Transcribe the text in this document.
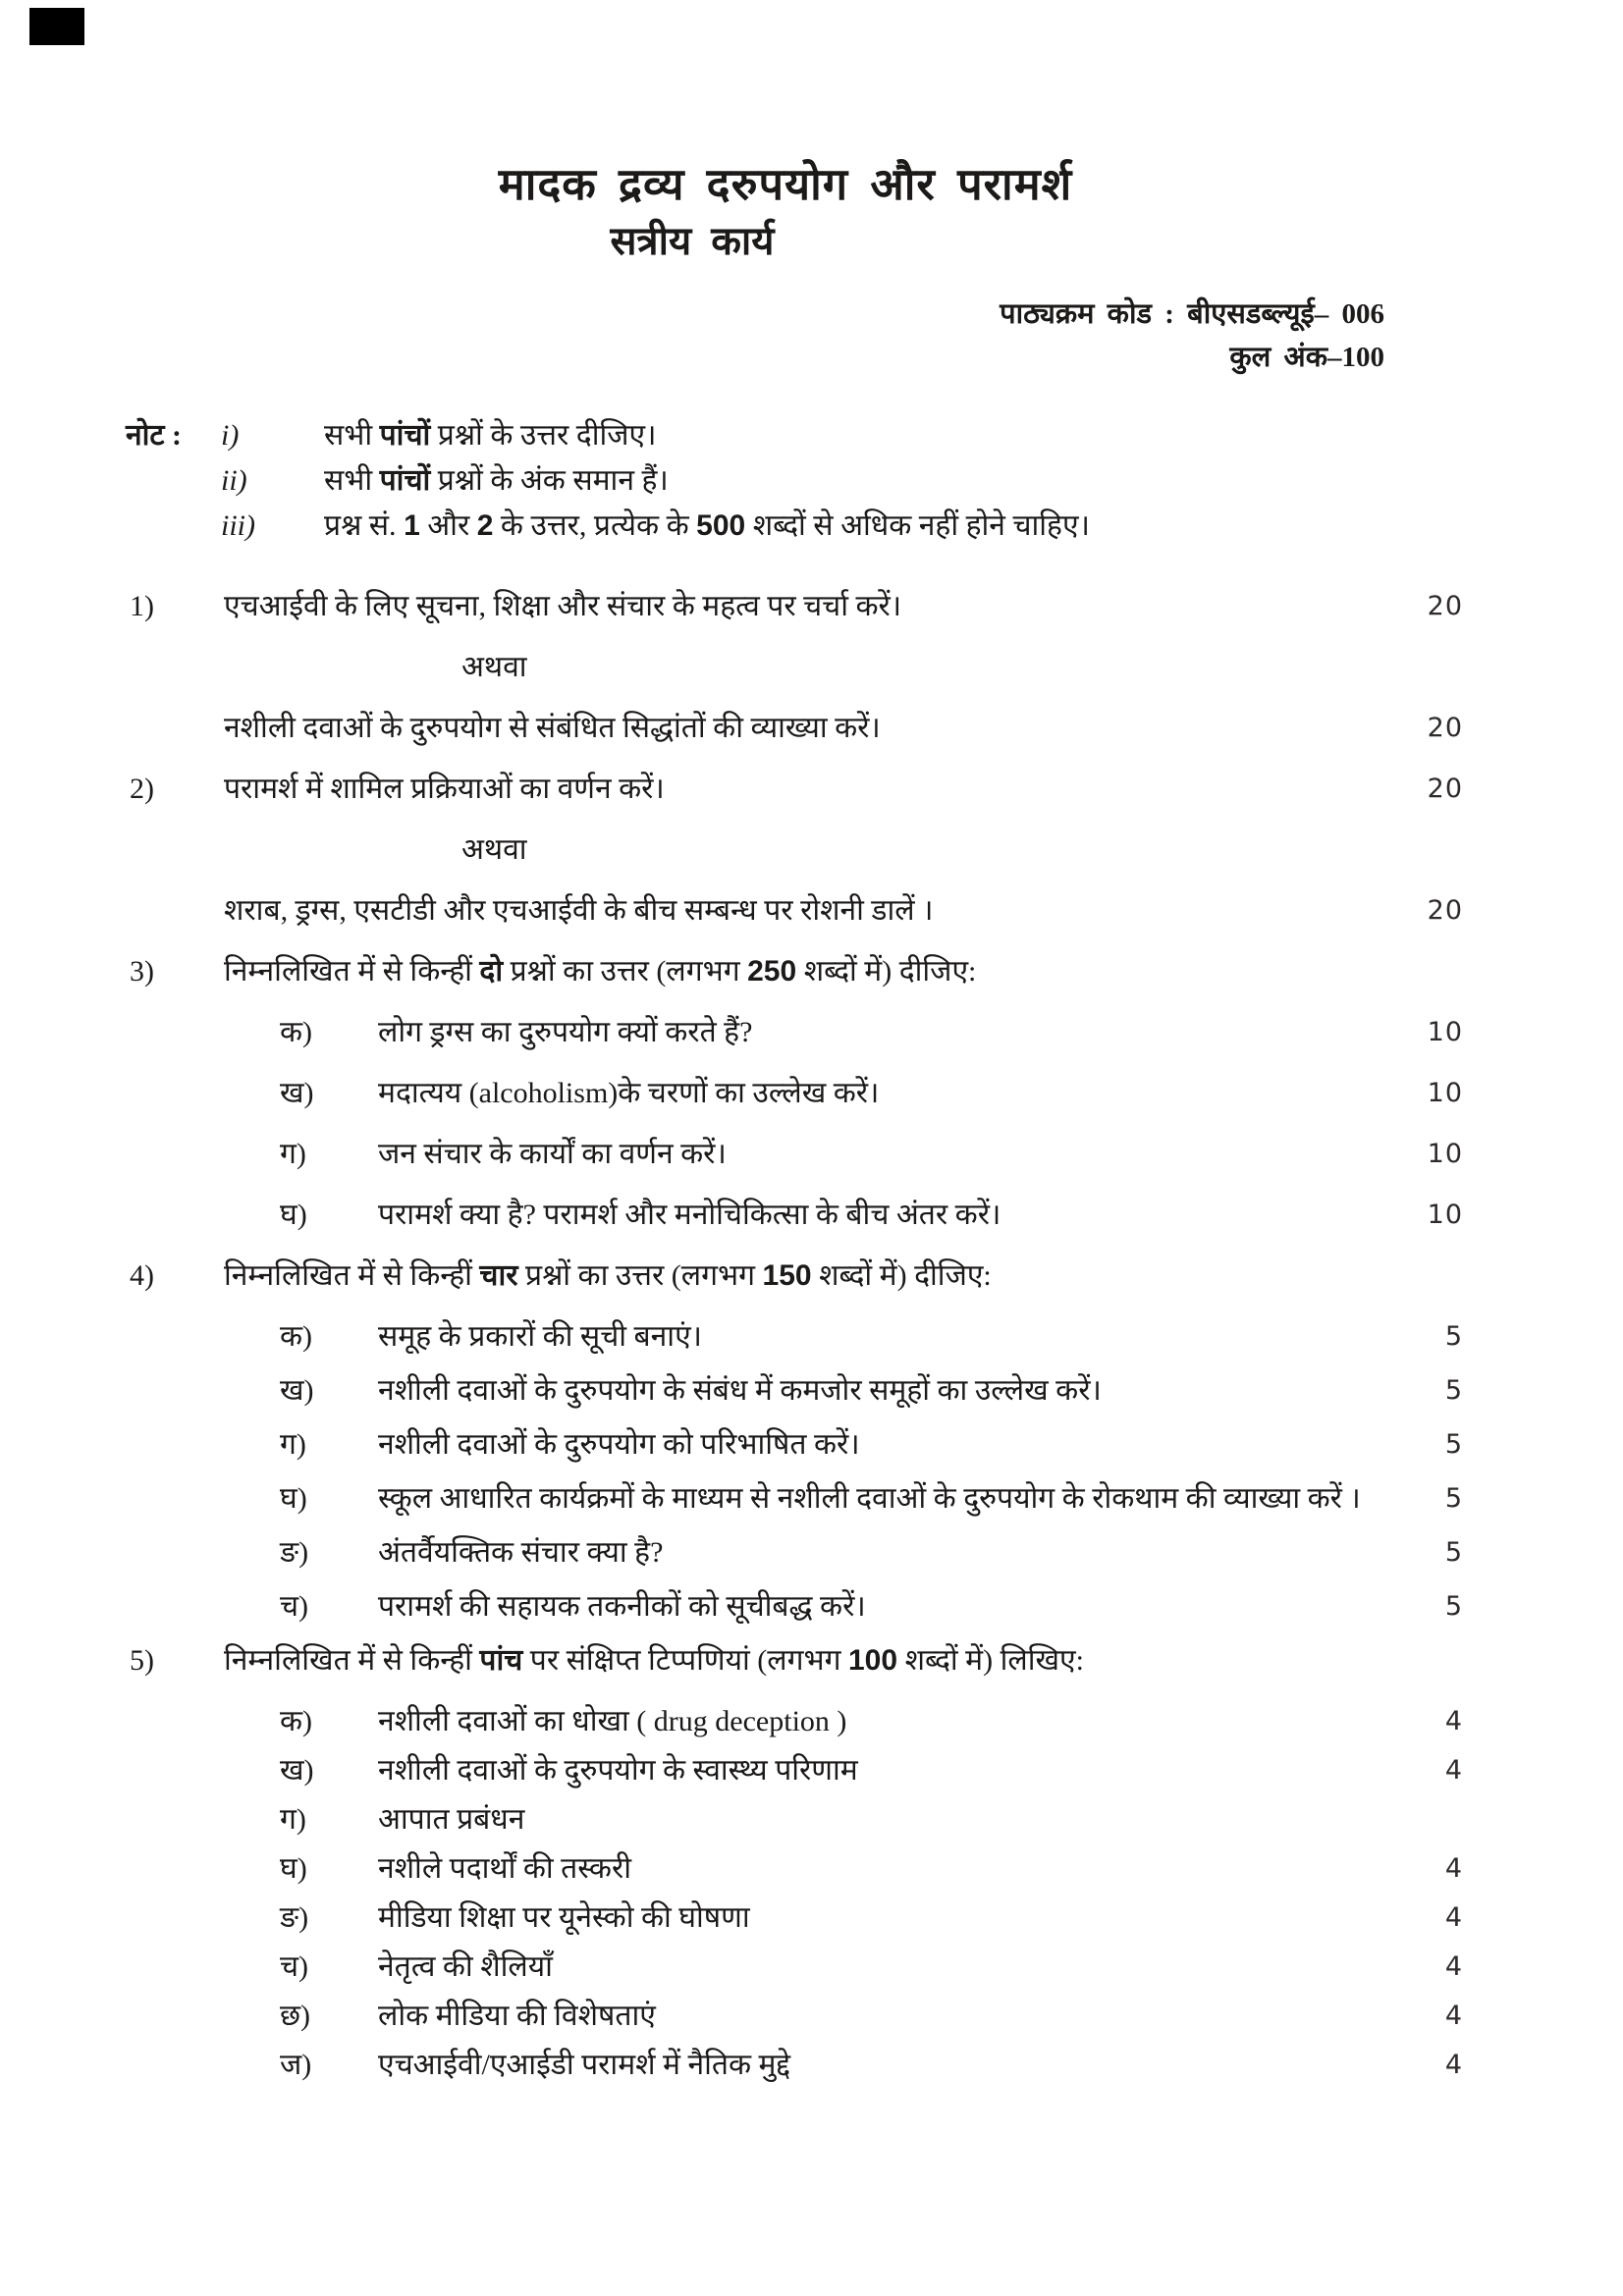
मादक द्रव्य दरुपयोग और परामर्श
सत्रीय कार्य
पाठ्यक्रम कोड : बीएसडब्ल्यूई– 006
कुल अंक–100
नोट :	i)	सभी पांचों प्रश्नों के उत्तर दीजिए।
ii)	सभी पांचों प्रश्नों के अंक समान हैं।
iii)	प्रश्न सं. 1 और 2 के उत्तर, प्रत्येक के 500 शब्दों से अधिक नहीं होने चाहिए।
1)	एचआईवी के लिए सूचना, शिक्षा और संचार के महत्व पर चर्चा करें।	20
अथवा
नशीली दवाओं के दुरुपयोग से संबंधित सिद्धांतों की व्याख्या करें।	20
2)	परामर्श में शामिल प्रक्रियाओं का वर्णन करें।	20
अथवा
शराब, ड्रग्स, एसटीडी और एचआईवी के बीच सम्बन्ध पर रोशनी डालें ।	20
3)	निम्नलिखित में से किन्हीं दो प्रश्नों का उत्तर (लगभग 250 शब्दों में) दीजिए:
क)	लोग ड्रग्स का दुरुपयोग क्यों करते हैं?	10
ख)	मदात्यय (alcoholism)के चरणों का उल्लेख करें।	10
ग)	जन संचार के कार्यों का वर्णन करें।	10
घ)	परामर्श क्या है? परामर्श और मनोचिकित्सा के बीच अंतर करें।	10
4)	निम्नलिखित में से किन्हीं चार प्रश्नों का उत्तर (लगभग 150 शब्दों में) दीजिए:
क)	समूह के प्रकारों की सूची बनाएं।	5
ख)	नशीली दवाओं के दुरुपयोग के संबंध में कमजोर समूहों का उल्लेख करें।	5
ग)	नशीली दवाओं के दुरुपयोग को परिभाषित करें।	5
घ)	स्कूल आधारित कार्यक्रमों के माध्यम से नशीली दवाओं के दुरुपयोग के रोकथाम की व्याख्या करें ।	5
ङ)	अंतर्वैयक्तिक संचार क्या है?	5
च)	परामर्श की सहायक तकनीकों को सूचीबद्ध करें।	5
5)	निम्नलिखित में से किन्हीं पांच पर संक्षिप्त टिप्पणियां (लगभग 100 शब्दों में) लिखिए:
क)	नशीली दवाओं का धोखा ( drug deception )	4
ख)	नशीली दवाओं के दुरुपयोग के स्वास्थ्य परिणाम	4
ग)	आपात प्रबंधन
घ)	नशीले पदार्थों की तस्करी	4
ङ)	मीडिया शिक्षा पर यूनेस्को की घोषणा	4
च)	नेतृत्व की शैलियाँ	4
छ)	लोक मीडिया की विशेषताएं	4
ज)	एचआईवी/एआईडी परामर्श में नैतिक मुद्दे	4
